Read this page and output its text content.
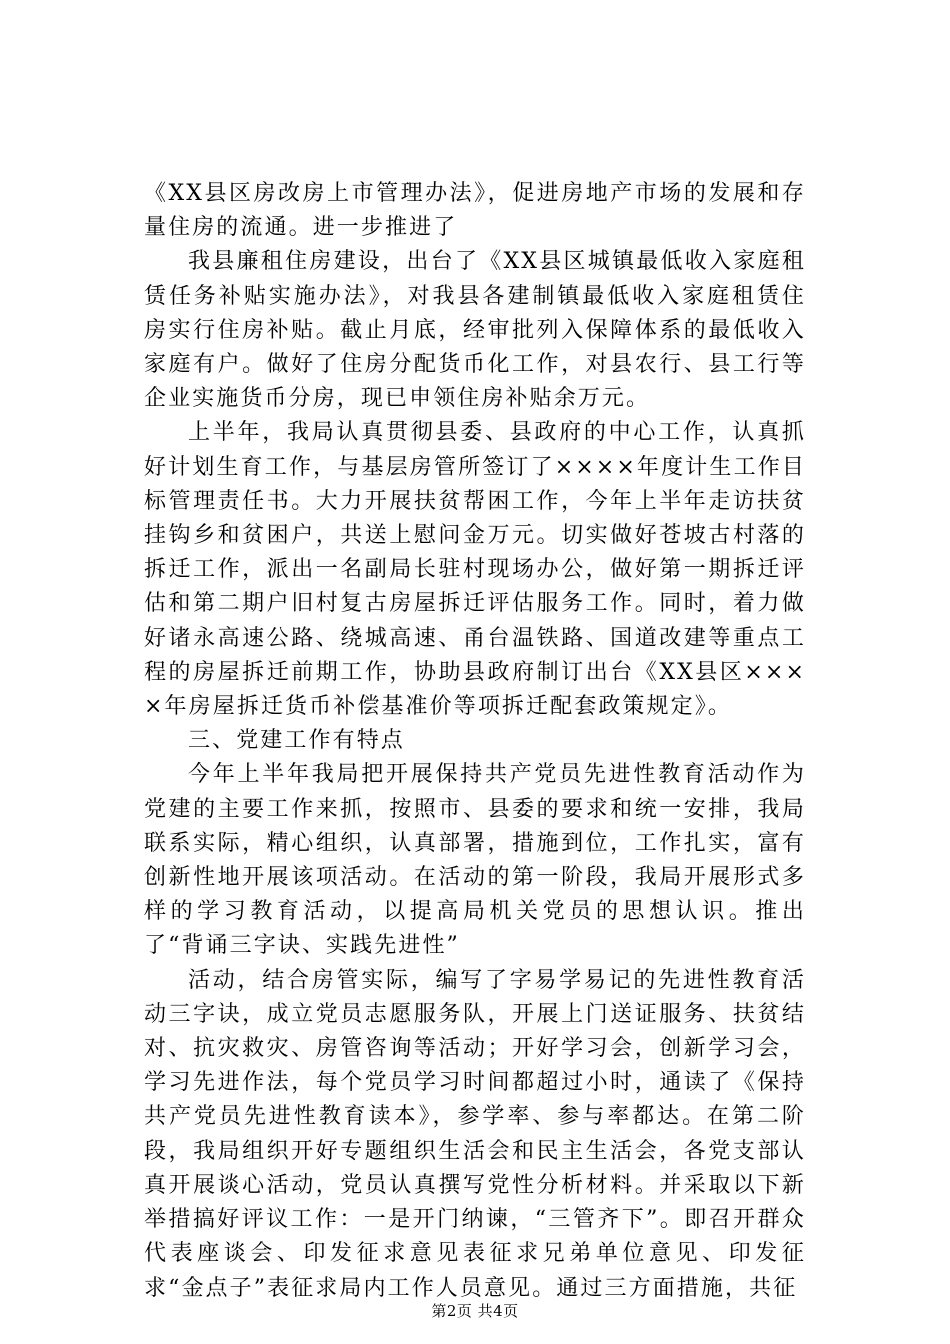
《XX县区房改房上市管理办法》，促进房地产市场的发展和存量住房的流通。进一步推进了

我县廉租住房建设，出台了《XX县区城镇最低收入家庭租赁任务补贴实施办法》，对我县各建制镇最低收入家庭租赁住房实行住房补贴。截止月底，经审批列入保障体系的最低收入家庭有户。做好了住房分配货币化工作，对县农行、县工行等企业实施货币分房，现已申领住房补贴余万元。

上半年，我局认真贯彻县委、县政府的中心工作，认真抓好计划生育工作，与基层房管所签订了××××年度计生工作目标管理责任书。大力开展扶贫帮困工作，今年上半年走访扶贫挂钩乡和贫困户，共送上慰问金万元。切实做好苍坡古村落的拆迁工作，派出一名副局长驻村现场办公，做好第一期拆迁评估和第二期户旧村复古房屋拆迁评估服务工作。同时，着力做好诸永高速公路、绕城高速、甬台温铁路、国道改建等重点工程的房屋拆迁前期工作，协助县政府制订出台《XX县区××××年房屋拆迁货币补偿基准价等项拆迁配套政策规定》。

三、党建工作有特点

今年上半年我局把开展保持共产党员先进性教育活动作为党建的主要工作来抓，按照市、县委的要求和统一安排，我局联系实际，精心组织，认真部署，措施到位，工作扎实，富有创新性地开展该项活动。在活动的第一阶段，我局开展形式多样的学习教育活动，以提高局机关党员的思想认识。推出了“背诵三字诀、实践先进性”

活动，结合房管实际，编写了字易学易记的先进性教育活动三字诀，成立党员志愿服务队，开展上门送证服务、扶贫结对、抗灾救灾、房管咨询等活动；开好学习会，创新学习会，学习先进作法，每个党员学习时间都超过小时，通读了《保持共产党员先进性教育读本》，参学率、参与率都达。在第二阶段，我局组织开好专题组织生活会和民主生活会，各党支部认真开展谈心活动，党员认真撰写党性分析材料。并采取以下新举措搞好评议工作：一是开门纳谏，“三管齐下”。即召开群众代表座谈会、印发征求意见表征求兄弟单位意见、印发征求“金点子”表征求局内工作人员意见。通过三方面措施，共征

第2页 共4页
